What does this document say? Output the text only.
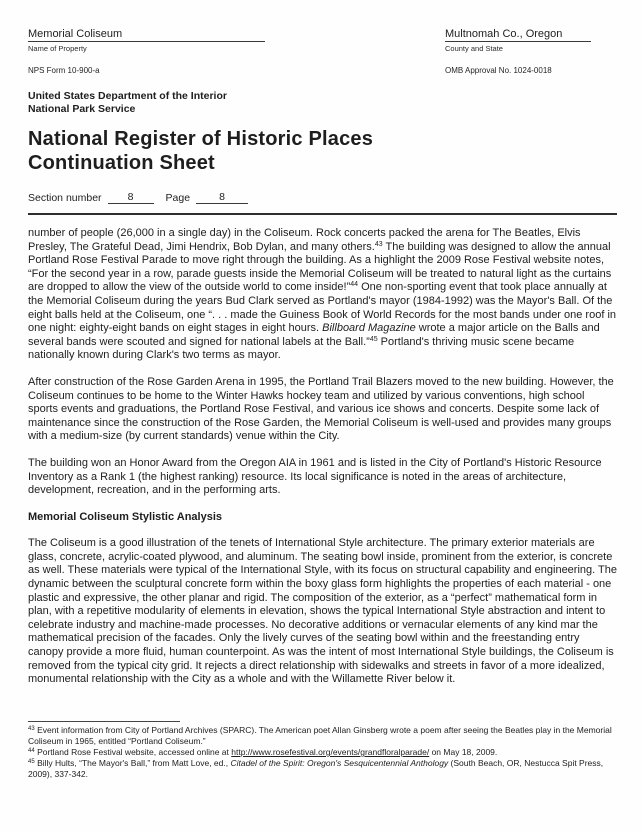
Memorial Coliseum
Name of Property
Multnomah Co., Oregon
County and State
NPS Form 10-900-a	OMB Approval No. 1024-0018
United States Department of the Interior
National Park Service
National Register of Historic Places
Continuation Sheet
Section number	8	Page	8
number of people (26,000 in a single day) in the Coliseum. Rock concerts packed the arena for The Beatles, Elvis Presley, The Grateful Dead, Jimi Hendrix, Bob Dylan, and many others.$^{43}$ The building was designed to allow the annual Portland Rose Festival Parade to move right through the building. As a highlight the 2009 Rose Festival website notes, “For the second year in a row, parade guests inside the Memorial Coliseum will be treated to natural light as the curtains are dropped to allow the view of the outside world to come inside!”$^{44}$ One non-sporting event that took place annually at the Memorial Coliseum during the years Bud Clark served as Portland's mayor (1984-1992) was the Mayor's Ball. Of the eight balls held at the Coliseum, one “. . . made the Guiness Book of World Records for the most bands under one roof in one night: eighty-eight bands on eight stages in eight hours. Billboard Magazine wrote a major article on the Balls and several bands were scouted and signed for national labels at the Ball.”$^{45}$ Portland's thriving music scene became nationally known during Clark's two terms as mayor.
After construction of the Rose Garden Arena in 1995, the Portland Trail Blazers moved to the new building. However, the Coliseum continues to be home to the Winter Hawks hockey team and utilized by various conventions, high school sports events and graduations, the Portland Rose Festival, and various ice shows and concerts. Despite some lack of maintenance since the construction of the Rose Garden, the Memorial Coliseum is well-used and provides many groups with a medium-size (by current standards) venue within the City.
The building won an Honor Award from the Oregon AIA in 1961 and is listed in the City of Portland's Historic Resource Inventory as a Rank 1 (the highest ranking) resource. Its local significance is noted in the areas of architecture, development, recreation, and in the performing arts.
Memorial Coliseum Stylistic Analysis
The Coliseum is a good illustration of the tenets of International Style architecture. The primary exterior materials are glass, concrete, acrylic-coated plywood, and aluminum. The seating bowl inside, prominent from the exterior, is concrete as well. These materials were typical of the International Style, with its focus on structural capability and engineering. The dynamic between the sculptural concrete form within the boxy glass form highlights the properties of each material - one plastic and expressive, the other planar and rigid. The composition of the exterior, as a “perfect” mathematical form in plan, with a repetitive modularity of elements in elevation, shows the typical International Style abstraction and intent to celebrate industry and machine-made processes. No decorative additions or vernacular elements of any kind mar the mathematical precision of the facades. Only the lively curves of the seating bowl within and the freestanding entry canopy provide a more fluid, human counterpoint. As was the intent of most International Style buildings, the Coliseum is removed from the typical city grid. It rejects a direct relationship with sidewalks and streets in favor of a more idealized, monumental relationship with the City as a whole and with the Willamette River below it.
$^{43}$ Event information from City of Portland Archives (SPARC). The American poet Allan Ginsberg wrote a poem after seeing the Beatles play in the Memorial Coliseum in 1965, entitled “Portland Coliseum.”
$^{44}$ Portland Rose Festival website, accessed online at http://www.rosefestival.org/events/grandfloralparade/ on May 18, 2009.
$^{45}$ Billy Hults, “The Mayor's Ball,” from Matt Love, ed., Citadel of the Spirit: Oregon's Sesquicentennial Anthology (South Beach, OR, Nestucca Spit Press, 2009), 337-342.
